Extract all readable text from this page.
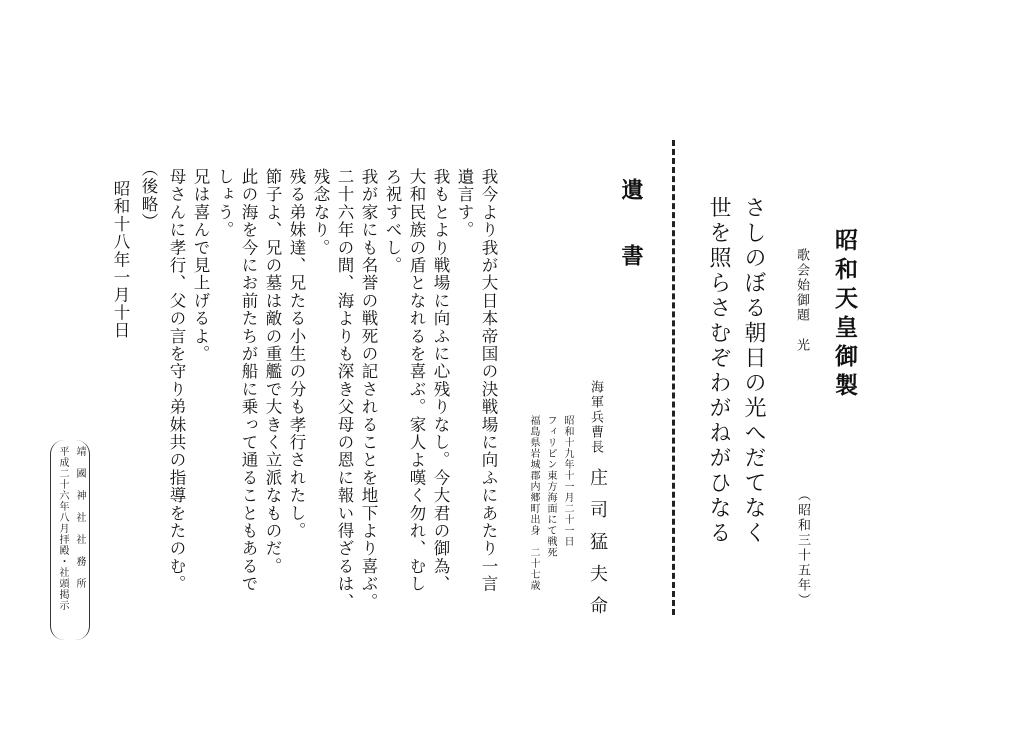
昭和天皇御製
歌会始御題　光
さしのぼる朝日の光へだてなく
世を照らさむぞわがねがひなる
（昭和三十五年）
遺書
海軍兵曹長
庄司猛夫命
昭和十九年十一月二十一日
フィリピン東方海面にて戦死
福島県岩城郡内郷町出身　二十七歳
我今より我が大日本帝国の決戦場に向ふにあたり一言
遺言す。
我もとより戦場に向ふに心残りなし。今大君の御為、
大和民族の盾となれるを喜ぶ。家人よ嘆く勿れ、むし
ろ祝すべし。
我が家にも名誉の戦死の記されることを地下より喜ぶ。
二十六年の間、海よりも深き父母の恩に報い得ざるは、
残念なり。
残る弟妹達、兄たる小生の分も孝行されたし。
節子よ、兄の墓は敵の重艦で大きく立派なものだ。
此の海を今にお前たちが船に乗って通ることもあるで
しょう。
兄は喜んで見上げるよ。
母さんに孝行、父の言を守り弟妹共の指導をたのむ。
（後略）
昭和十八年一月十日
靖國神社社務所
平成二十六年八月拝殿・社頭掲示
